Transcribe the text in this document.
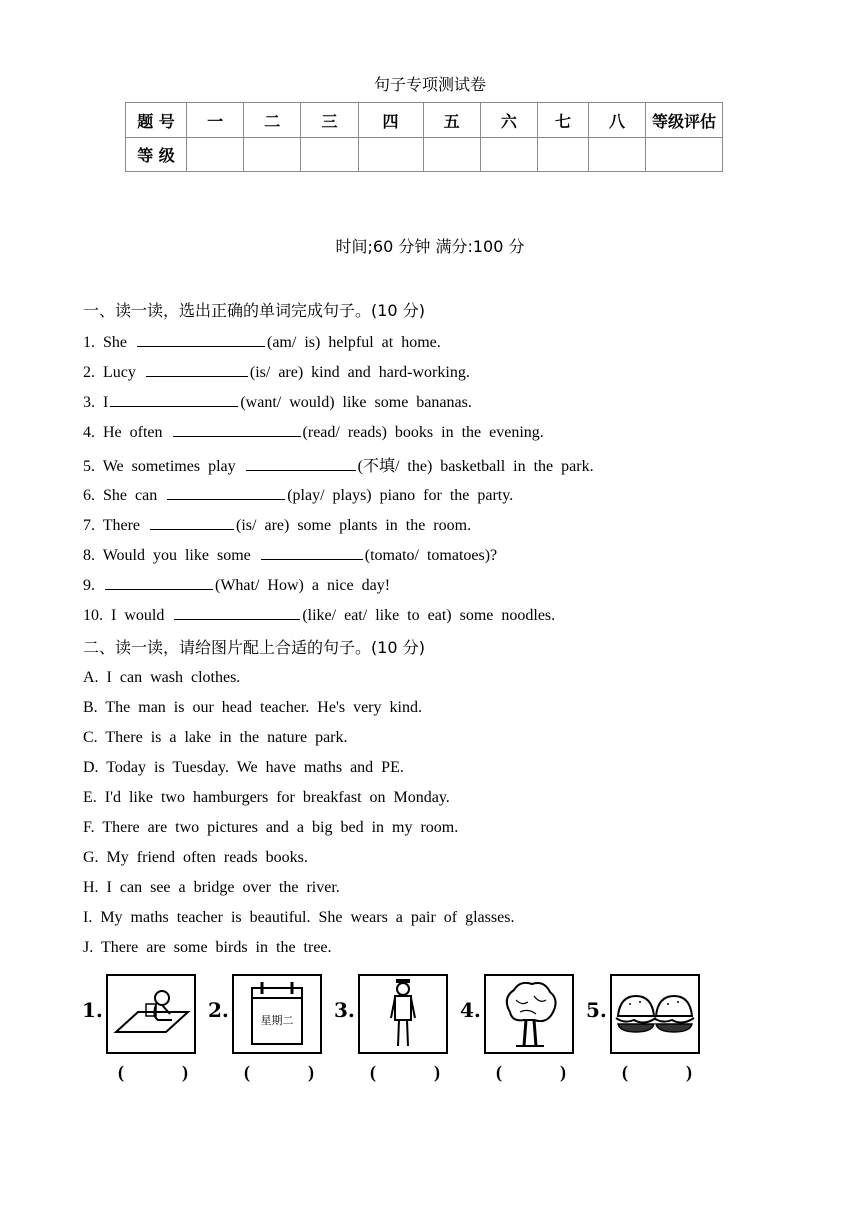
句子专项测试卷
题 号	一	二	三	四	五	六	七	八	等级评估
等 级									
时间;60 分钟 满分:100 分
一、读一读，选出正确的单词完成句子。(10 分)
1. She	(am/ is) helpful at home.
2. Lucy	(is/ are) kind and hard-working.
3. I	(want/ would) like some bananas.
4. He often	(read/ reads) books in the evening.
5. We sometimes play	(不填/ the) basketball in the park.
6. She can	(play/ plays) piano for the party.
7. There	(is/ are) some plants in the room.
8. Would you like some	(tomato/ tomatoes)?
9.	(What/ How) a nice day!
10. I would	(like/ eat/ like to eat) some noodles.
二、读一读，请给图片配上合适的句子。(10 分)
A. I can wash clothes.
B. The man is our head teacher. He's very kind.
C. There is a lake in the nature park.
D. Today is Tuesday. We have maths and PE.
E. I'd like two hamburgers for breakfast on Monday.
F. There are two pictures and a big bed in my room.
G. My friend often reads books.
H. I can see a bridge over the river.
I. My maths teacher is beautiful. She wears a pair of glasses.
J. There are some birds in the tree.
1.
(	)
2.	星期二
(	)
3.
(	)
4.
(	)
5.
(	)
